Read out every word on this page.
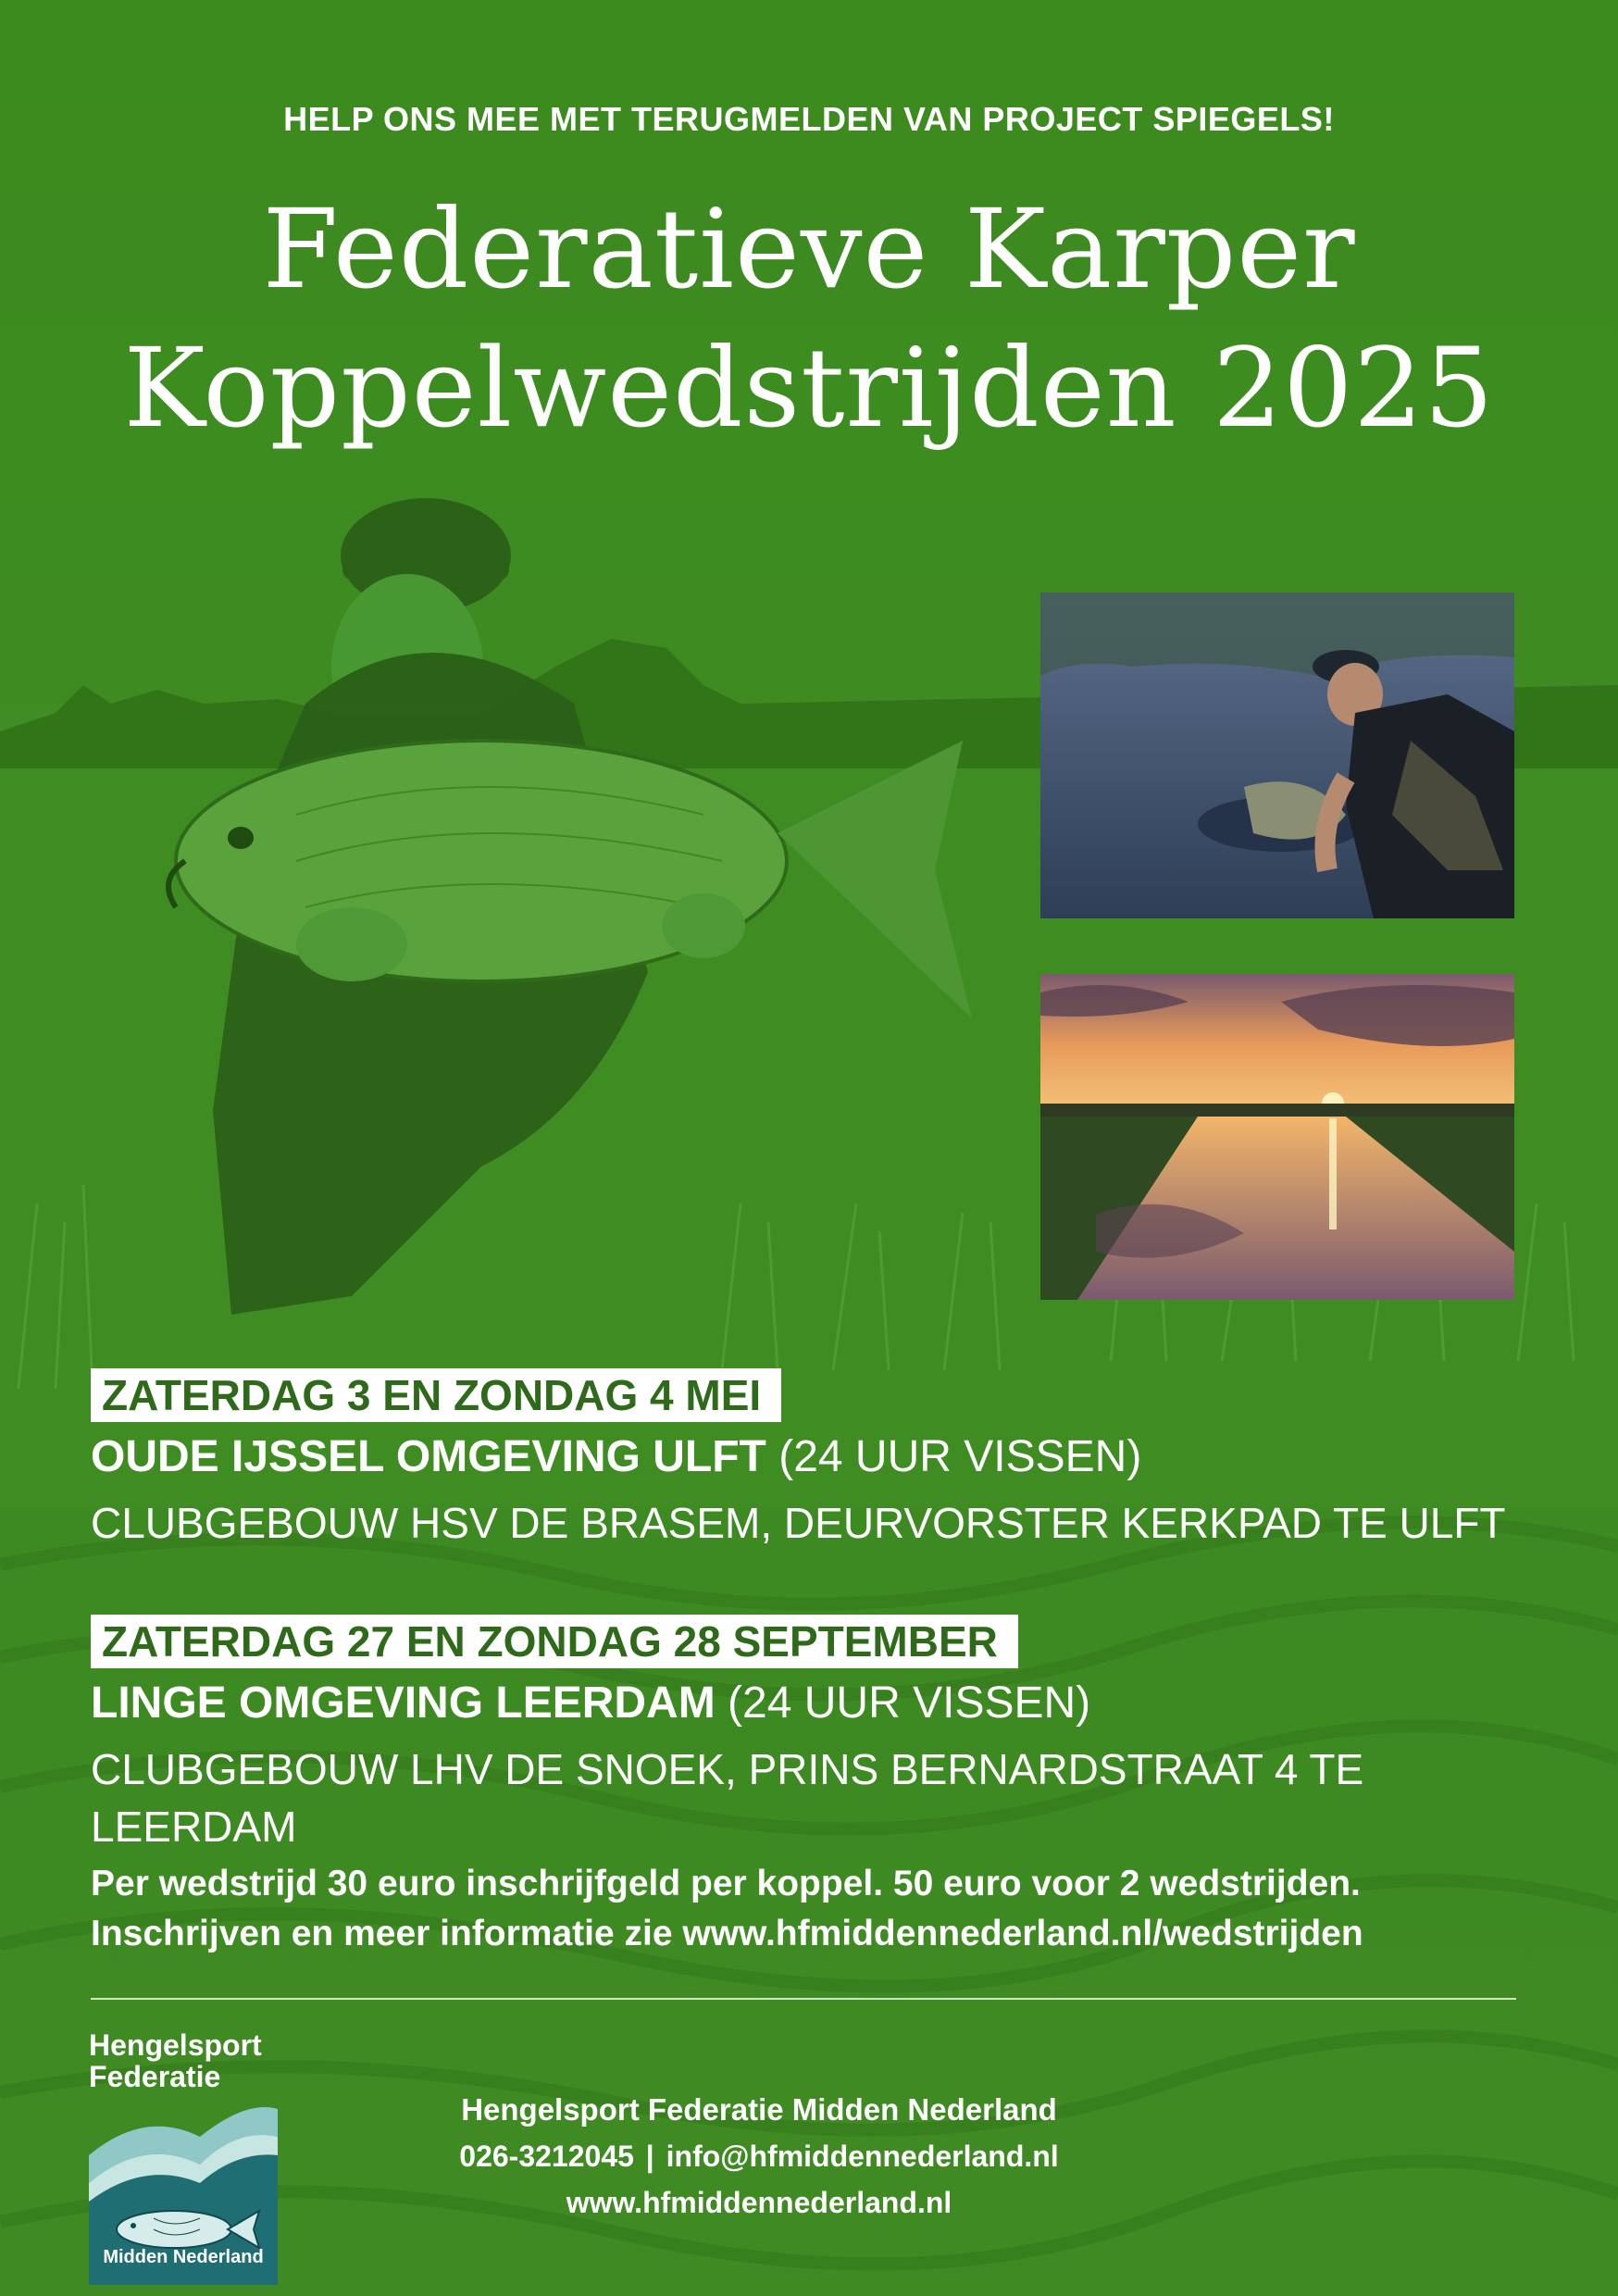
HELP ONS MEE MET TERUGMELDEN VAN PROJECT SPIEGELS!
Federatieve Karper
Koppelwedstrijden 2025
ZATERDAG 3 EN ZONDAG 4 MEI
OUDE IJSSEL OMGEVING ULFT (24 UUR VISSEN)
CLUBGEBOUW HSV DE BRASEM, DEURVORSTER KERKPAD TE ULFT
ZATERDAG 27 EN ZONDAG 28 SEPTEMBER
LINGE OMGEVING LEERDAM (24 UUR VISSEN)
CLUBGEBOUW LHV DE SNOEK, PRINS BERNARDSTRAAT 4 TE LEERDAM
Per wedstrijd 30 euro inschrijfgeld per koppel. 50 euro voor 2 wedstrijden.
Inschrijven en meer informatie zie www.hfmiddennederland.nl/wedstrijden
Hengelsport
Federatie
Midden Nederland
Hengelsport Federatie Midden Nederland
026-3212045 | info@hfmiddennederland.nl
www.hfmiddennederland.nl
